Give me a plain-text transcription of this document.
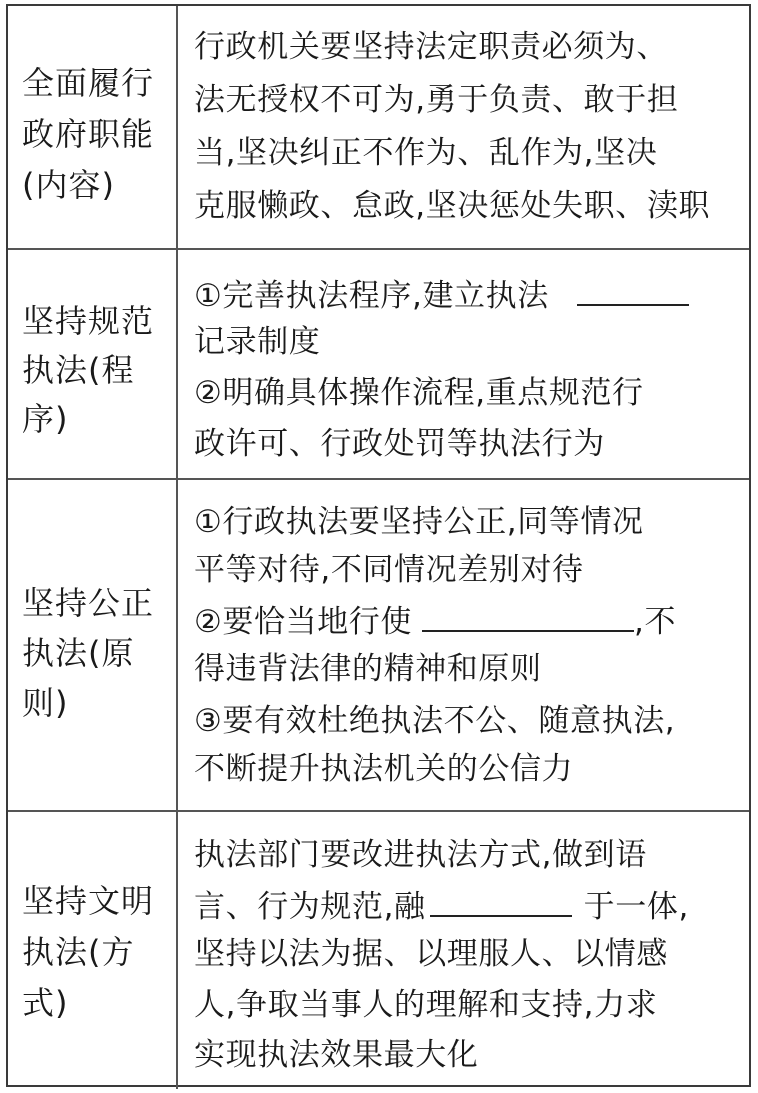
全面履行
政府职能
(内容)
行政机关要坚持法定职责必须为、
法无授权不可为,勇于负责、敢于担
当,坚决纠正不作为、乱作为,坚决
克服懒政、怠政,坚决惩处失职、渎职
坚持规范
执法(程
序)
①完善执法程序,建立执法
记录制度
②明确具体操作流程,重点规范行
政许可、行政处罚等执法行为
坚持公正
执法(原
则)
①行政执法要坚持公正,同等情况
平等对待,不同情况差别对待
②要恰当地行使	,不
得违背法律的精神和原则
③要有效杜绝执法不公、随意执法,
不断提升执法机关的公信力
坚持文明
执法(方
式)
执法部门要改进执法方式,做到语
言、行为规范,融	于一体,
坚持以法为据、以理服人、以情感
人,争取当事人的理解和支持,力求
实现执法效果最大化
